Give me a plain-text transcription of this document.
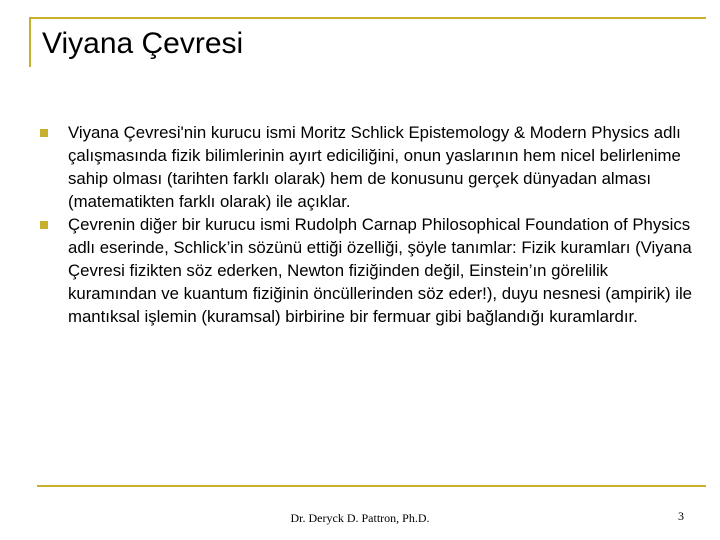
Viyana Çevresi
Viyana Çevresi'nin kurucu ismi Moritz Schlick Epistemology & Modern Physics adlı çalışmasında fizik bilimlerinin ayırt ediciliğini, onun yaslarının hem nicel belirlenime sahip olması (tarihten farklı olarak) hem de konusunu gerçek dünyadan alması (matematikten farklı olarak) ile açıklar.
Çevrenin diğer bir kurucu ismi Rudolph Carnap Philosophical Foundation of Physics adlı eserinde, Schlick’in sözünü ettiği özelliği, şöyle tanımlar: Fizik kuramları (Viyana Çevresi fizikten söz ederken, Newton fiziğinden değil, Einstein’ın görelilik kuramından ve kuantum fiziğinin öncüllerinden söz eder!), duyu nesnesi (ampirik) ile mantıksal işlemin (kuramsal) birbirine bir fermuar gibi bağlandığı kuramlardır.
Dr. Deryck D. Pattron, Ph.D.	3
